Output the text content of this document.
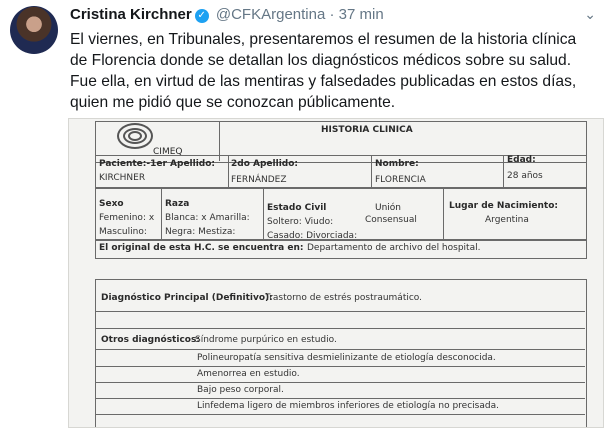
Cristina Kirchner ✓ @CFKArgentina · 37 min	⌄
El viernes, en Tribunales, presentaremos el resumen de la historia clínica de Florencia donde se detallan los diagnósticos médicos sobre su salud. Fue ella, en virtud de las mentiras y falsedades publicadas en estos días, quien me pidió que se conozcan públicamente.
CIMEQ
HISTORIA CLINICA
Paciente:-1er Apellido:
KIRCHNER
2do Apellido:
FERNÁNDEZ
Nombre:
FLORENCIA
Edad:
28 años
Sexo
Femenino: x
Masculino:
Raza
Blanca: x Amarilla:
Negra: Mestiza:
Estado Civil	Unión
Consensual
Soltero: Viudo:
Casado: Divorciada:
Lugar de Nacimiento:
Argentina
El original de esta H.C. se encuentra en: Departamento de archivo del hospital.
Diagnóstico Principal (Definitivo):
Trastorno de estrés postraumático.
Otros diagnósticos:
Síndrome purpúrico en estudio.
Polineuropatía sensitiva desmielinizante de etiología desconocida.
Amenorrea en estudio.
Bajo peso corporal.
Linfedema ligero de miembros inferiores de etiología no precisada.
